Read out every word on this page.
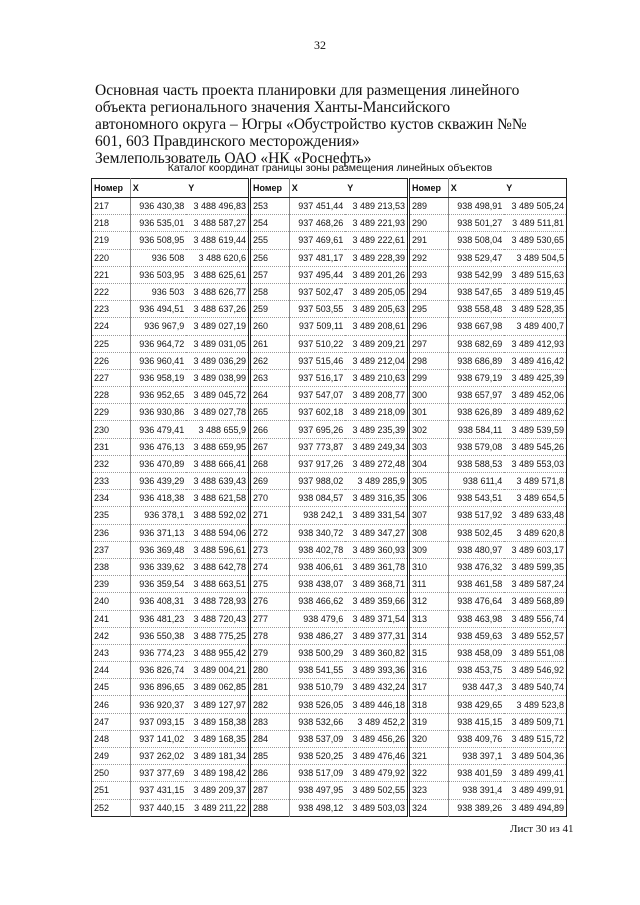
32
Основная часть проекта планировки для размещения линейного
объекта регионального значения Ханты-Мансийского
автономного округа – Югры «Обустройство кустов скважин №№
601, 603 Правдинского месторождения»
Землепользователь ОАО «НК «Роснефть»
Каталог координат границы зоны размещения линейных объектов
Номер	X	Y
217	936 430,38	3 488 496,83
218	936 535,01	3 488 587,27
219	936 508,95	3 488 619,44
220	936 508	3 488 620,6
221	936 503,95	3 488 625,61
222	936 503	3 488 626,77
223	936 494,51	3 488 637,26
224	936 967,9	3 489 027,19
225	936 964,72	3 489 031,05
226	936 960,41	3 489 036,29
227	936 958,19	3 489 038,99
228	936 952,65	3 489 045,72
229	936 930,86	3 489 027,78
230	936 479,41	3 488 655,9
231	936 476,13	3 488 659,95
232	936 470,89	3 488 666,41
233	936 439,29	3 488 639,43
234	936 418,38	3 488 621,58
235	936 378,1	3 488 592,02
236	936 371,13	3 488 594,06
237	936 369,48	3 488 596,61
238	936 339,62	3 488 642,78
239	936 359,54	3 488 663,51
240	936 408,31	3 488 728,93
241	936 481,23	3 488 720,43
242	936 550,38	3 488 775,25
243	936 774,23	3 488 955,42
244	936 826,74	3 489 004,21
245	936 896,65	3 489 062,85
246	936 920,37	3 489 127,97
247	937 093,15	3 489 158,38
248	937 141,02	3 489 168,35
249	937 262,02	3 489 181,34
250	937 377,69	3 489 198,42
251	937 431,15	3 489 209,37
252	937 440,15	3 489 211,22
Номер	X	Y
253	937 451,44	3 489 213,53
254	937 468,26	3 489 221,93
255	937 469,61	3 489 222,61
256	937 481,17	3 489 228,39
257	937 495,44	3 489 201,26
258	937 502,47	3 489 205,05
259	937 503,55	3 489 205,63
260	937 509,11	3 489 208,61
261	937 510,22	3 489 209,21
262	937 515,46	3 489 212,04
263	937 516,17	3 489 210,63
264	937 547,07	3 489 208,77
265	937 602,18	3 489 218,09
266	937 695,26	3 489 235,39
267	937 773,87	3 489 249,34
268	937 917,26	3 489 272,48
269	937 988,02	3 489 285,9
270	938 084,57	3 489 316,35
271	938 242,1	3 489 331,54
272	938 340,72	3 489 347,27
273	938 402,78	3 489 360,93
274	938 406,61	3 489 361,78
275	938 438,07	3 489 368,71
276	938 466,62	3 489 359,66
277	938 479,6	3 489 371,54
278	938 486,27	3 489 377,31
279	938 500,29	3 489 360,82
280	938 541,55	3 489 393,36
281	938 510,79	3 489 432,24
282	938 526,05	3 489 446,18
283	938 532,66	3 489 452,2
284	938 537,09	3 489 456,26
285	938 520,25	3 489 476,46
286	938 517,09	3 489 479,92
287	938 497,95	3 489 502,55
288	938 498,12	3 489 503,03
Номер	X	Y
289	938 498,91	3 489 505,24
290	938 501,27	3 489 511,81
291	938 508,04	3 489 530,65
292	938 529,47	3 489 504,5
293	938 542,99	3 489 515,63
294	938 547,65	3 489 519,45
295	938 558,48	3 489 528,35
296	938 667,98	3 489 400,7
297	938 682,69	3 489 412,93
298	938 686,89	3 489 416,42
299	938 679,19	3 489 425,39
300	938 657,97	3 489 452,06
301	938 626,89	3 489 489,62
302	938 584,11	3 489 539,59
303	938 579,08	3 489 545,26
304	938 588,53	3 489 553,03
305	938 611,4	3 489 571,8
306	938 543,51	3 489 654,5
307	938 517,92	3 489 633,48
308	938 502,45	3 489 620,8
309	938 480,97	3 489 603,17
310	938 476,32	3 489 599,35
311	938 461,58	3 489 587,24
312	938 476,64	3 489 568,89
313	938 463,98	3 489 556,74
314	938 459,63	3 489 552,57
315	938 458,09	3 489 551,08
316	938 453,75	3 489 546,92
317	938 447,3	3 489 540,74
318	938 429,65	3 489 523,8
319	938 415,15	3 489 509,71
320	938 409,76	3 489 515,72
321	938 397,1	3 489 504,36
322	938 401,59	3 489 499,41
323	938 391,4	3 489 499,91
324	938 389,26	3 489 494,89
Лист 30 из 41
